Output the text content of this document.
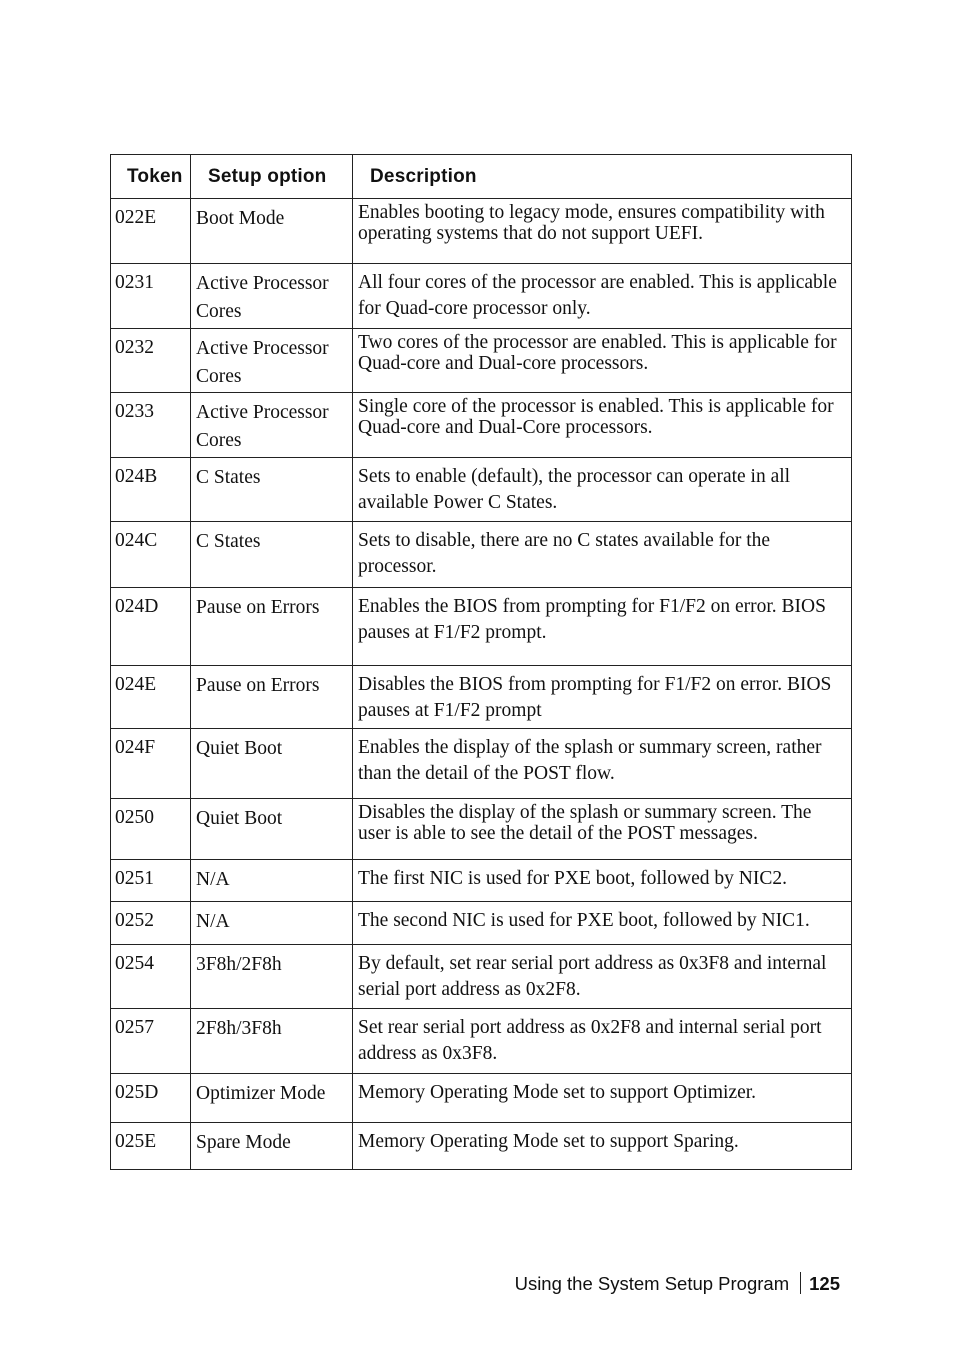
Token	Setup option	Description
022E	Boot Mode	Enables booting to legacy mode, ensures compatibility with operating systems that do not support UEFI.
0231	Active Processor Cores	All four cores of the processor are enabled. This is applicable for Quad-core processor only.
0232	Active Processor Cores	Two cores of the processor are enabled. This is applicable for Quad-core and Dual-core processors.
0233	Active Processor Cores	Single core of the processor is enabled. This is applicable for Quad-core and Dual-Core processors.
024B	C States	Sets to enable (default), the processor can operate in all available Power C States.
024C	C States	Sets to disable, there are no C states available for the processor.
024D	Pause on Errors	Enables the BIOS from prompting for F1/F2 on error. BIOS pauses at F1/F2 prompt.
024E	Pause on Errors	Disables the BIOS from prompting for F1/F2 on error. BIOS pauses at F1/F2 prompt
024F	Quiet Boot	Enables the display of the splash or summary screen, rather than the detail of the POST flow.
0250	Quiet Boot	Disables the display of the splash or summary screen. The user is able to see the detail of the POST messages.
0251	N/A	The first NIC is used for PXE boot, followed by NIC2.
0252	N/A	The second NIC is used for PXE boot, followed by NIC1.
0254	3F8h/2F8h	By default, set rear serial port address as 0x3F8 and internal serial port address as 0x2F8.
0257	2F8h/3F8h	Set rear serial port address as 0x2F8 and internal serial port address as 0x3F8.
025D	Optimizer Mode	Memory Operating Mode set to support Optimizer.
025E	Spare Mode	Memory Operating Mode set to support Sparing.
Using the System Setup Program 125
